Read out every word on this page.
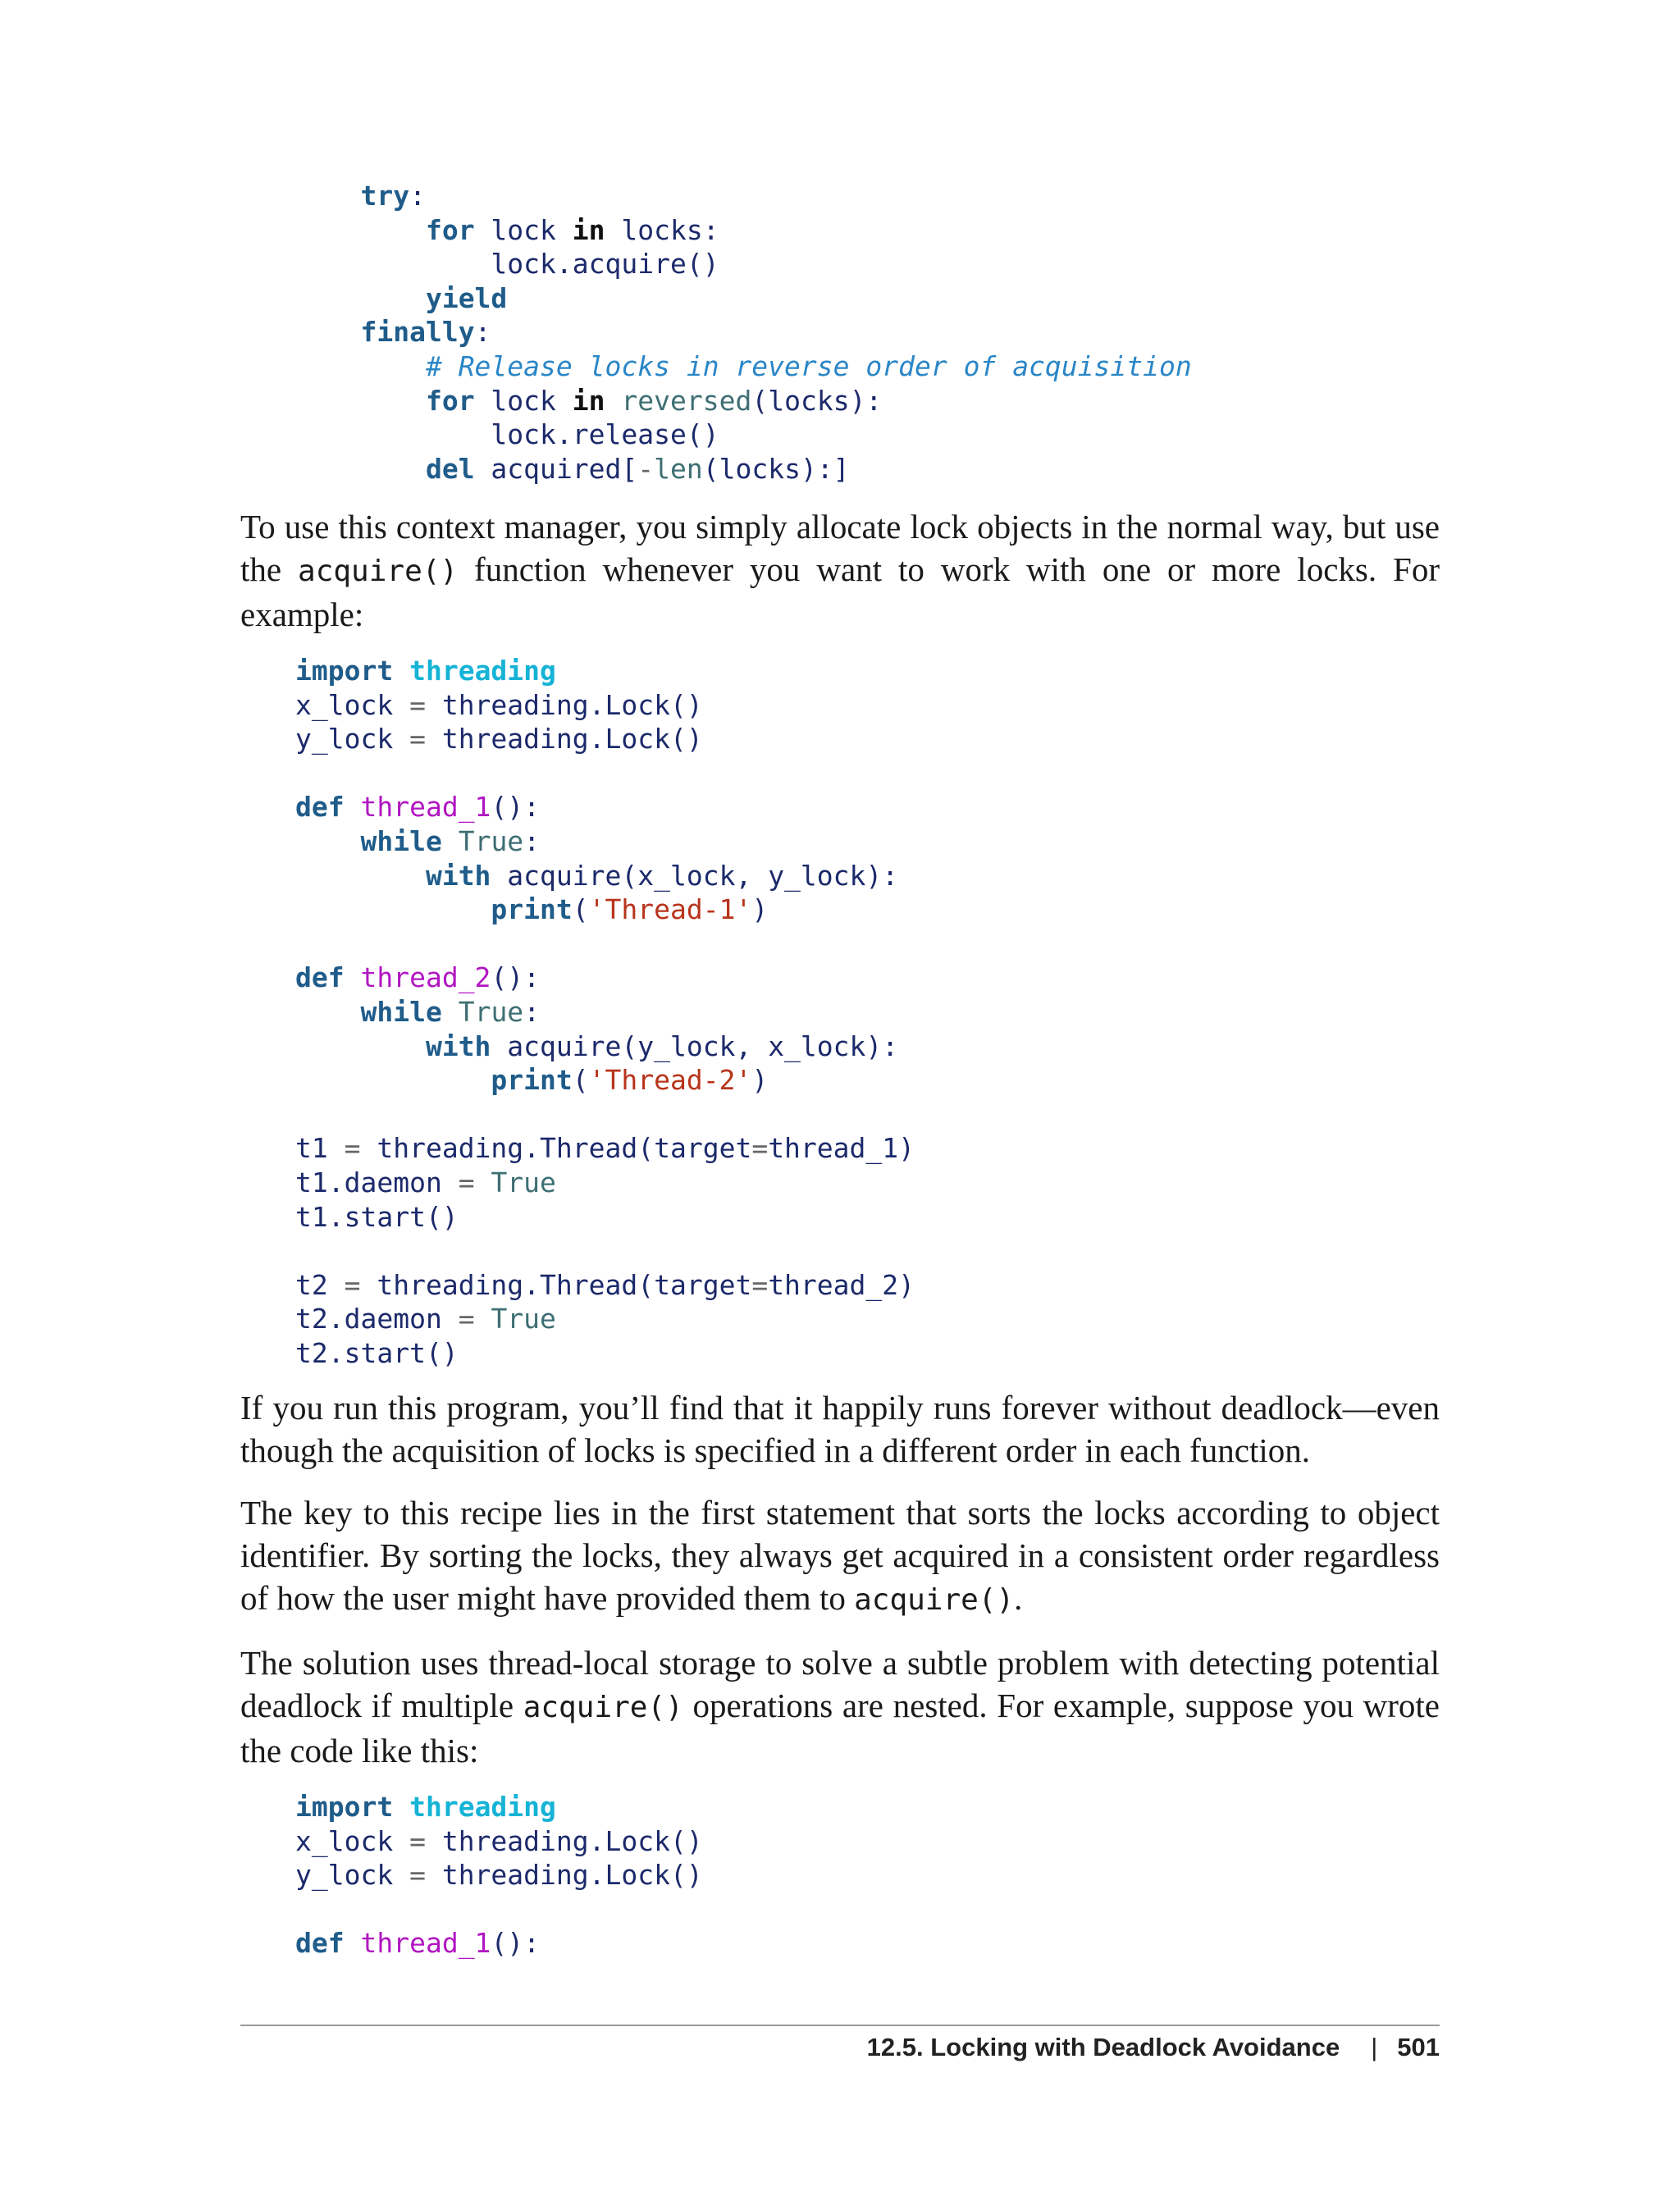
try:
for lock in locks:
lock.acquire()
yield
finally:
# Release locks in reverse order of acquisition
for lock in reversed(locks):
lock.release()
del acquired[-len(locks):]

To use this context manager, you simply allocate lock objects in the normal way, but use the acquire() function whenever you want to work with one or more locks. For example:

import threading
x_lock = threading.Lock()
y_lock = threading.Lock()

def thread_1():
while True:
with acquire(x_lock, y_lock):
print('Thread-1')

def thread_2():
while True:
with acquire(y_lock, x_lock):
print('Thread-2')

t1 = threading.Thread(target=thread_1)
t1.daemon = True
t1.start()

t2 = threading.Thread(target=thread_2)
t2.daemon = True
t2.start()

If you run this program, you’ll find that it happily runs forever without deadlock—even though the acquisition of locks is specified in a different order in each function.

The key to this recipe lies in the first statement that sorts the locks according to object identifier. By sorting the locks, they always get acquired in a consistent order regardless of how the user might have provided them to acquire().

The solution uses thread-local storage to solve a subtle problem with detecting potential deadlock if multiple acquire() operations are nested. For example, suppose you wrote the code like this:

import threading
x_lock = threading.Lock()
y_lock = threading.Lock()

def thread_1():
12.5. Locking with Deadlock Avoidance | 501
